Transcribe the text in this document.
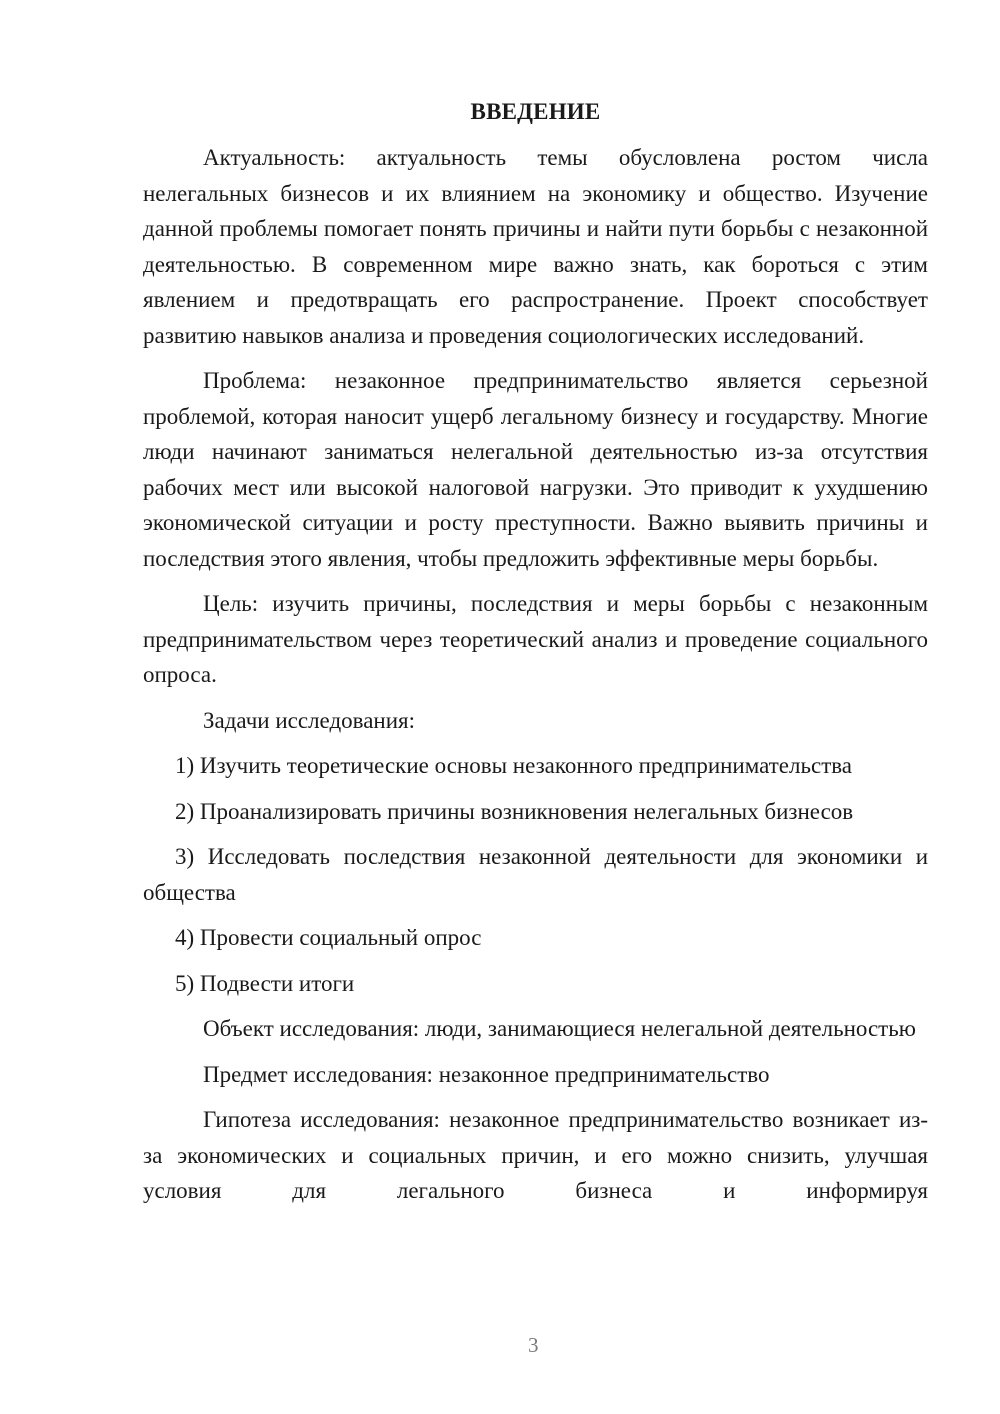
ВВЕДЕНИЕ

Актуальность: актуальность темы обусловлена ростом числа нелегальных бизнесов и их влиянием на экономику и общество. Изучение данной проблемы помогает понять причины и найти пути борьбы с незаконной деятельностью. В современном мире важно знать, как бороться с этим явлением и предотвращать его распространение. Проект способствует развитию навыков анализа и проведения социологических исследований.

Проблема: незаконное предпринимательство является серьезной проблемой, которая наносит ущерб легальному бизнесу и государству. Многие люди начинают заниматься нелегальной деятельностью из-за отсутствия рабочих мест или высокой налоговой нагрузки. Это приводит к ухудшению экономической ситуации и росту преступности. Важно выявить причины и последствия этого явления, чтобы предложить эффективные меры борьбы.

Цель: изучить причины, последствия и меры борьбы с незаконным предпринимательством через теоретический анализ и проведение социального опроса.

Задачи исследования:

1) Изучить теоретические основы незаконного предпринимательства

2) Проанализировать причины возникновения нелегальных бизнесов

3) Исследовать последствия незаконной деятельности для экономики и общества

4) Провести социальный опрос

5) Подвести итоги

Объект исследования: люди, занимающиеся нелегальной деятельностью

Предмет исследования: незаконное предпринимательство

Гипотеза исследования: незаконное предпринимательство возникает из-за экономических и социальных причин, и его можно снизить, улучшая условия для легального бизнеса и информируя

3
